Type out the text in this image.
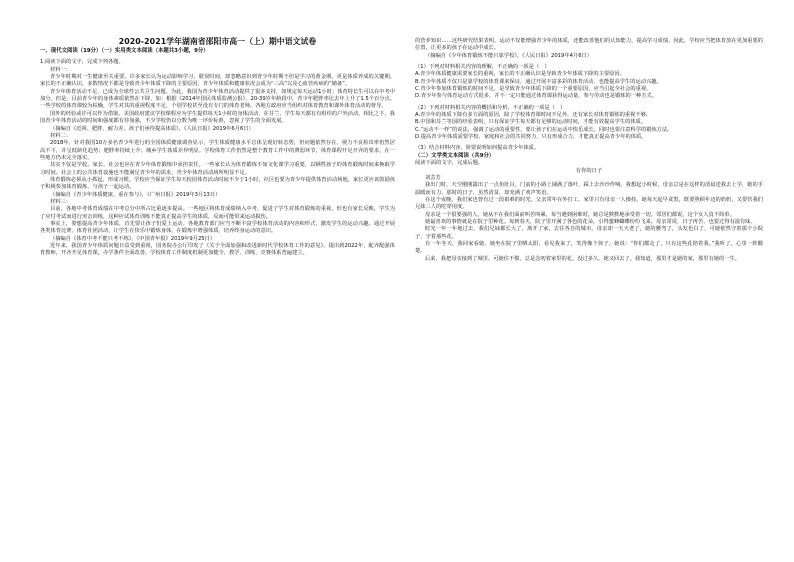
2020-2021学年湖南省邵阳市高一（上）期中语文试卷

一、现代文阅读（19分）（一）实用类文本阅读（本题共3小题，9分）

1.阅读下面的文字，完成下列各题。

材料一：

青少年时期对一生健康至关重要。许多家长认为运动影响学习，耽误时间，却忽略意识到青少年时期不但是学习的黄金期，更是体质养成的关键期。家长的不正确认识，多数情况下都是导致青少年体质下降的主要原因，青少年体质和健康状况会成为“三高”以及心血管疾病的“储备”。

青少年体育活动不足，已成为全球性公共卫生问题。为此，我国为青少年体育活动提供了很多支持，如规定每天运动1小时；体育特长生可以在中考中加分。但是，目前青少年的身体素质依然在下降，如：根据《2014年国民体质监测公报》，20-39岁年龄段中，青少年肥胖率比去年上升了1.5个百分点。一些学校的体育课较为枯燥，学生对其的重视程度不足，个别学校甚至没有专门的体育老师。各地方政府应当组织对体育教育和课外体育活动的督导。

国外的经验或许可以作为借鉴。美国政府建议学校课程应为学生提供每天1小时的身体活动，在芬兰，学生每天都有有组织的户外活动。相比之下，我国青少年体育活动的时间和强度都有待加强，不少学校仍以分数为唯一评价标准，忽视了学生的全面发展。

（摘编自《近视、肥胖、耐力差，孩子们亟待提高体质》，《人民日报》2019年6月6日）

材料二：

2018年，针对我国10万多名青少年进行的全国体质健康调查显示，学生体质健康水平总体呈现好转态势，但问题依然存在。视力不良检出率仍然居高不下，并呈低龄化趋势；肥胖率持续上升；城乡学生体质差异明显。学校体育工作仍然是整个教育工作中的薄弱环节，体育课程开足开齐的要求，在一些地方仍未完全落实。

其实不仅是学校，家长、社会也应在青少年体育锻炼中承担责任。一些家长认为体育锻炼不如文化课学习重要，以牺牲孩子的体育锻炼时间来换取学习时间。社会上的公共体育设施也不能满足青少年的需求，青少年体育活动场所明显不足。

体育锻炼必须从小抓起，形成习惯。学校应当保证学生每天校园体育活动时间不少于1小时，社区也要为青少年提供体育活动场地，家长更应该鼓励孩子积极参加体育锻炼，与孩子一起运动。

（摘编自《青少年体质健康，重在参与》，《广州日报》2019年3月13日）

材料三：

目前，各地中考体育成绩在中考总分中所占比重逐步提高。一些地区将体育成绩纳入中考，促进了学生对体育锻炼的重视。但也有家长反映，学生为了应付考试而进行突击训练，这种应试体育训练不能真正提高学生的体质，反而可能带来运动损伤。

事实上，要想提高青少年体质，首先要让孩子们爱上运动。各地教育部门应当不断丰富学校体育活动的内容和形式，激发学生的运动兴趣。通过开展各类体育比赛、体育社团活动，让学生在快乐中锻炼身体，在锻炼中增强体质，培养终身运动的意识。

（摘编自《体育中考不能只考不练》，《中国青年报》2019年9月25日）

近年来，我国青少年体质问题日益受到重视，国务院办公厅印发了《关于全面加强和改进新时代学校体育工作的意见》，提出到2022年，配齐配强体育教师，开齐开足体育课，办学条件全面改善，学校体育工作制度机制更加健全，教学、训练、竞赛体系普遍建立。

的营养知识……这些研究结果表明，运动不仅能增强青少年的体质，还能改善他们的认知能力，提高学习成绩。因此，学校应当把体育放在更加重要的位置，让更多的孩子在运动中成长。

（摘编自《少年体育锻炼不能只靠学校》，《人民日报》2019年4月6日）

（1）下列对材料相关内容的理解，不正确的一项是（　）

A.青少年体质健康需要家长的重视，家长的不正确认识是导致青少年体质下降的主要原因。

B.青少年体质不仅只是靠学校的体育课来保证，通过开展丰富多彩的体育活动，也能提高学生的运动兴趣。

C.青少年参加体育锻炼的时间不足，是导致青少年体质下降的一个重要原因，应当引起全社会的重视。

D.青少年参与体育运动方式很多，并不一定只能通过体育课获得运动量，参与劳动也是锻炼的一种方式。

（2）下列对材料相关内容的概括和分析，不正确的一项是（　）

A.青少年的体质下降有多方面的原因，除了学校体育课时间不足外，还有家长对体育锻炼的重视不够。

B.中国和芬兰等国的经验表明，只有保证学生每天都有足够的运动时间，才能有效提高学生的体质。

C.“运动不一样”的说法，强调了运动的重要性，要让孩子们在运动中快乐成长，同时也要注意科学的锻炼方法。

D.提高青少年体质需要学校、家庭和社会的共同努力，只有形成合力，才能真正提高青少年的体质。

（3）结合材料内容，简要说明如何提高青少年体质。

（二）文学类文本阅读（共9分）

阅读下面的文字，完成后题。

有你的日子

刘芸芳

我出门时，天空刚刚露出了一点鱼肚白。门前的小路上铺满了落叶，踩上去沙沙作响。我想起小时候，母亲总是在这样的清晨送我去上学，她的手温暖而有力。那时的日子，虽然清贫，却充满了欢声笑语。

在这个夜晚，我们家也曾有过一段艰难的时光。父亲常年在外打工，家里只有母亲一人操持。她每天起早贪黑，既要照顾年迈的奶奶，又要管我们兄妹三人的吃穿用度。

母亲是一个很要强的人。她从不在我们面前叫苦叫累，每当遇到困难时，她总是默默地承受着一切。邻居们都说，这个女人真不简单。

她最喜欢的事情就是在院子里种花。每到春天，院子里开满了各色的花朵，引得蜜蜂蝴蝶纷纷飞来。母亲常说，日子再苦，也要过得有滋有味。

时光一年一年地过去，我们兄妹都长大了，离开了家，去往各自的城市。母亲却一天天老了，她的腰弯了，头发也白了，可她依然守着那个小院子，守着那些花。

有一年冬天，我回家看她。她坐在院子里晒太阳，看见我来了，笑得像个孩子。她说：“你们都走了，只有这些花陪着我。”我听了，心里一阵酸楚。

后来，我把母亲接到了城里。可她住不惯，总是念叨着家里的花。没过多久，她又回去了。我知道，那里才是她的家，那里有她的一生。
